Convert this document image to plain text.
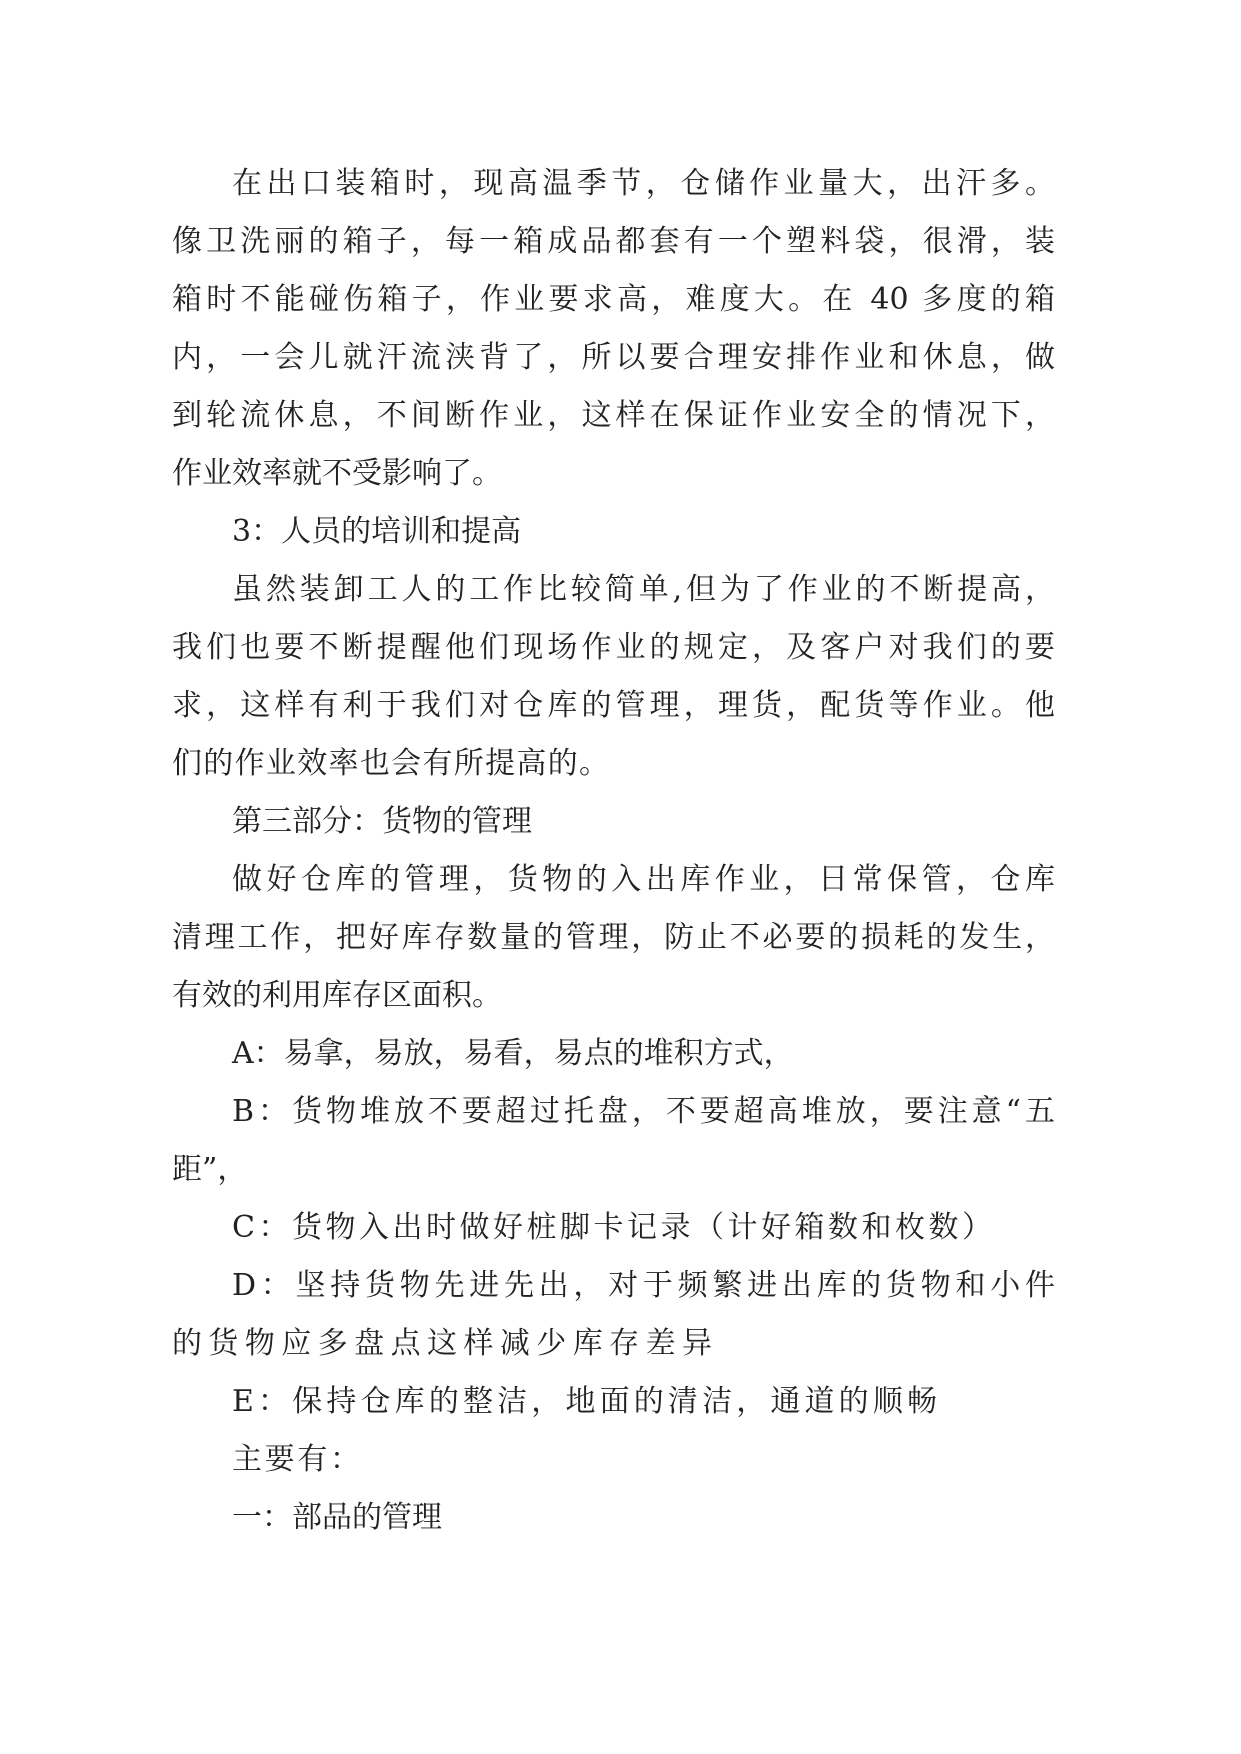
在出口装箱时，现高温季节，仓储作业量大，出汗多。
像卫洗丽的箱子，每一箱成品都套有一个塑料袋，很滑，装
箱时不能碰伤箱子，作业要求高，难度大。在 40 多度的箱
内，一会儿就汗流浃背了，所以要合理安排作业和休息，做
到轮流休息，不间断作业，这样在保证作业安全的情况下，
作业效率就不受影响了。
3：人员的培训和提高
虽然装卸工人的工作比较简单,但为了作业的不断提高，
我们也要不断提醒他们现场作业的规定，及客户对我们的要
求，这样有利于我们对仓库的管理，理货，配货等作业。他
们的作业效率也会有所提高的。
第三部分：货物的管理
做好仓库的管理，货物的入出库作业，日常保管，仓库
清理工作，把好库存数量的管理，防止不必要的损耗的发生，
有效的利用库存区面积。
A：易拿，易放，易看，易点的堆积方式，
B：货物堆放不要超过托盘，不要超高堆放，要注意“五
距”，
C：货物入出时做好桩脚卡记录（计好箱数和枚数）
D：坚持货物先进先出，对于频繁进出库的货物和小件
的货物应多盘点这样减少库存差异
E：保持仓库的整洁，地面的清洁，通道的顺畅
主要有：
一：部品的管理
